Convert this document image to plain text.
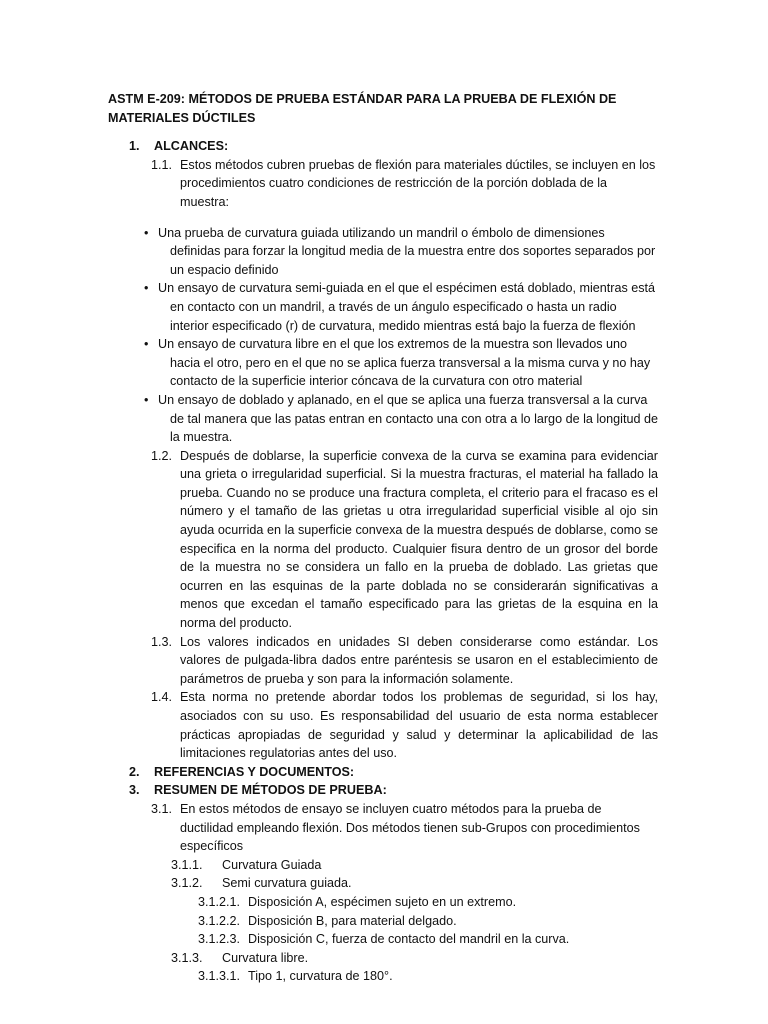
ASTM E-209: MÉTODOS DE PRUEBA ESTÁNDAR PARA LA PRUEBA DE FLEXIÓN DE MATERIALES DÚCTILES
1.	ALCANCES:
1.1. Estos métodos cubren pruebas de flexión para materiales dúctiles, se incluyen en los procedimientos cuatro condiciones de restricción de la porción doblada de la muestra:
• Una prueba de curvatura guiada utilizando un mandril o émbolo de dimensiones definidas para forzar la longitud media de la muestra entre dos soportes separados por un espacio definido
• Un ensayo de curvatura semi-guiada en el que el espécimen está doblado, mientras está en contacto con un mandril, a través de un ángulo especificado o hasta un radio interior especificado (r) de curvatura, medido mientras está bajo la fuerza de flexión
• Un ensayo de curvatura libre en el que los extremos de la muestra son llevados uno hacia el otro, pero en el que no se aplica fuerza transversal a la misma curva y no hay contacto de la superficie interior cóncava de la curvatura con otro material
• Un ensayo de doblado y aplanado, en el que se aplica una fuerza transversal a la curva de tal manera que las patas entran en contacto una con otra a lo largo de la longitud de la muestra.
1.2. Después de doblarse, la superficie convexa de la curva se examina para evidenciar una grieta o irregularidad superficial. Si la muestra fracturas, el material ha fallado la prueba. Cuando no se produce una fractura completa, el criterio para el fracaso es el número y el tamaño de las grietas u otra irregularidad superficial visible al ojo sin ayuda ocurrida en la superficie convexa de la muestra después de doblarse, como se especifica en la norma del producto. Cualquier fisura dentro de un grosor del borde de la muestra no se considera un fallo en la prueba de doblado. Las grietas que ocurren en las esquinas de la parte doblada no se considerarán significativas a menos que excedan el tamaño especificado para las grietas de la esquina en la norma del producto.
1.3. Los valores indicados en unidades SI deben considerarse como estándar. Los valores de pulgada-libra dados entre paréntesis se usaron en el establecimiento de parámetros de prueba y son para la información solamente.
1.4. Esta norma no pretende abordar todos los problemas de seguridad, si los hay, asociados con su uso. Es responsabilidad del usuario de esta norma establecer prácticas apropiadas de seguridad y salud y determinar la aplicabilidad de las limitaciones regulatorias antes del uso.
2.	REFERENCIAS Y DOCUMENTOS:
3.	RESUMEN DE MÉTODOS DE PRUEBA:
3.1. En estos métodos de ensayo se incluyen cuatro métodos para la prueba de ductilidad empleando flexión. Dos métodos tienen sub-Grupos con procedimientos específicos
3.1.1.	Curvatura Guiada
3.1.2.	Semi curvatura guiada.
3.1.2.1. Disposición A, espécimen sujeto en un extremo.
3.1.2.2. Disposición B, para material delgado.
3.1.2.3. Disposición C, fuerza de contacto del mandril en la curva.
3.1.3.	Curvatura libre.
3.1.3.1. Tipo 1, curvatura de 180°.
